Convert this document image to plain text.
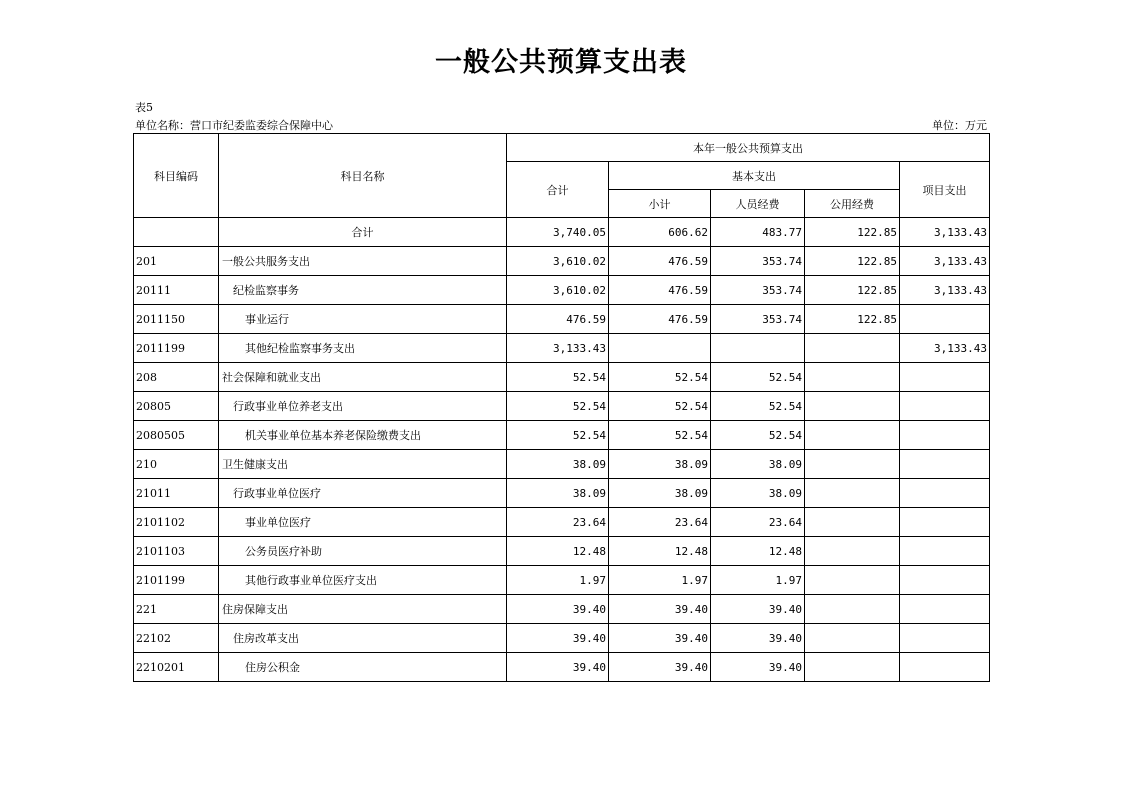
一般公共预算支出表
表5
单位名称：营口市纪委监委综合保障中心	单位：万元
科目编码	科目名称	本年一般公共预算支出				
		合计	基本支出			项目支出
			小计	人员经费	公用经费	
	合计	3,740.05	606.62	483.77	122.85	3,133.43
201	一般公共服务支出	3,610.02	476.59	353.74	122.85	3,133.43
20111	纪检监察事务	3,610.02	476.59	353.74	122.85	3,133.43
2011150	事业运行	476.59	476.59	353.74	122.85	
2011199	其他纪检监察事务支出	3,133.43				3,133.43
208	社会保障和就业支出	52.54	52.54	52.54		
20805	行政事业单位养老支出	52.54	52.54	52.54		
2080505	机关事业单位基本养老保险缴费支出	52.54	52.54	52.54		
210	卫生健康支出	38.09	38.09	38.09		
21011	行政事业单位医疗	38.09	38.09	38.09		
2101102	事业单位医疗	23.64	23.64	23.64		
2101103	公务员医疗补助	12.48	12.48	12.48		
2101199	其他行政事业单位医疗支出	1.97	1.97	1.97		
221	住房保障支出	39.40	39.40	39.40		
22102	住房改革支出	39.40	39.40	39.40		
2210201	住房公积金	39.40	39.40	39.40		
